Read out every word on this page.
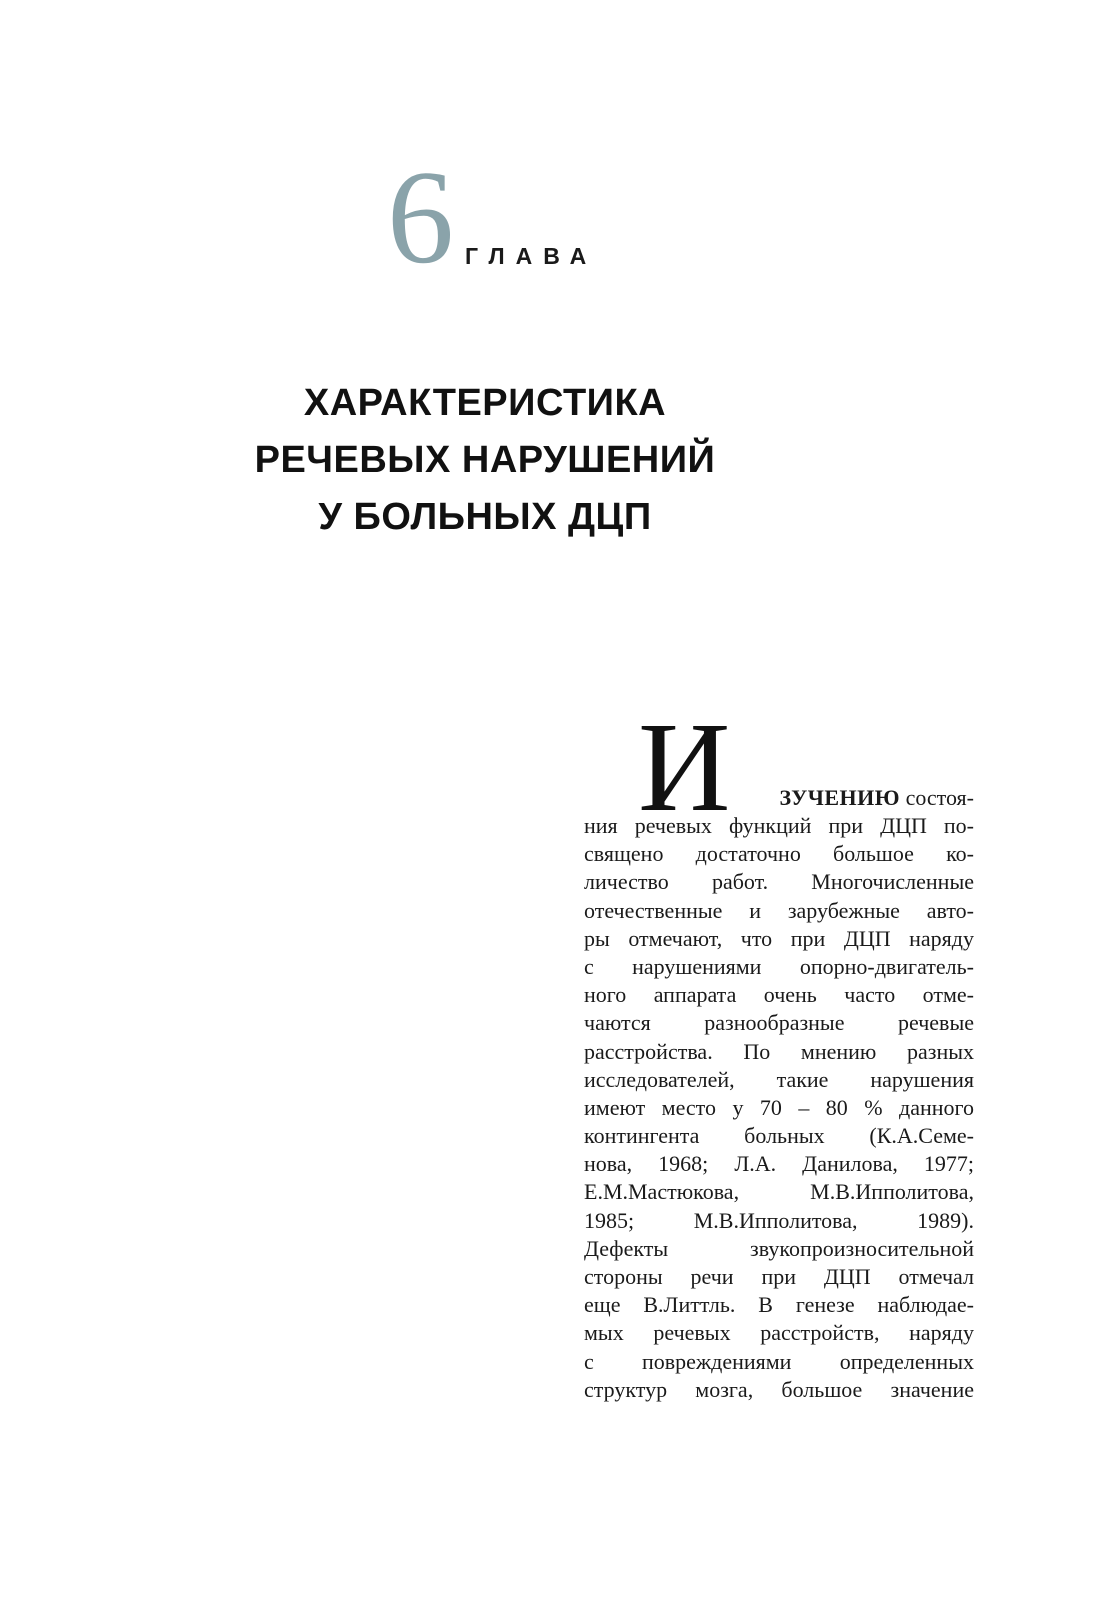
6 ГЛАВА
ХАРАКТЕРИСТИКА
РЕЧЕВЫХ НАРУШЕНИЙ
У БОЛЬНЫХ ДЦП
И	ЗУЧЕНИЮ состоя-
ния речевых функций при ДЦП по-
священо достаточно большое ко-
личество работ. Многочисленные
отечественные и зарубежные авто-
ры отмечают, что при ДЦП наряду
с нарушениями опорно-двигатель-
ного аппарата очень часто отме-
чаются разнообразные речевые
расстройства. По мнению разных
исследователей, такие нарушения
имеют место у 70 – 80 % данного
контингента больных (К.А.Семе-
нова, 1968; Л.А. Данилова, 1977;
Е.М.Мастюкова, М.В.Ипполитова,
1985; М.В.Ипполитова, 1989).
Дефекты звукопроизносительной
стороны речи при ДЦП отмечал
еще В.Литтль. В генезе наблюдае-
мых речевых расстройств, наряду
с повреждениями определенных
структур мозга, большое значение
